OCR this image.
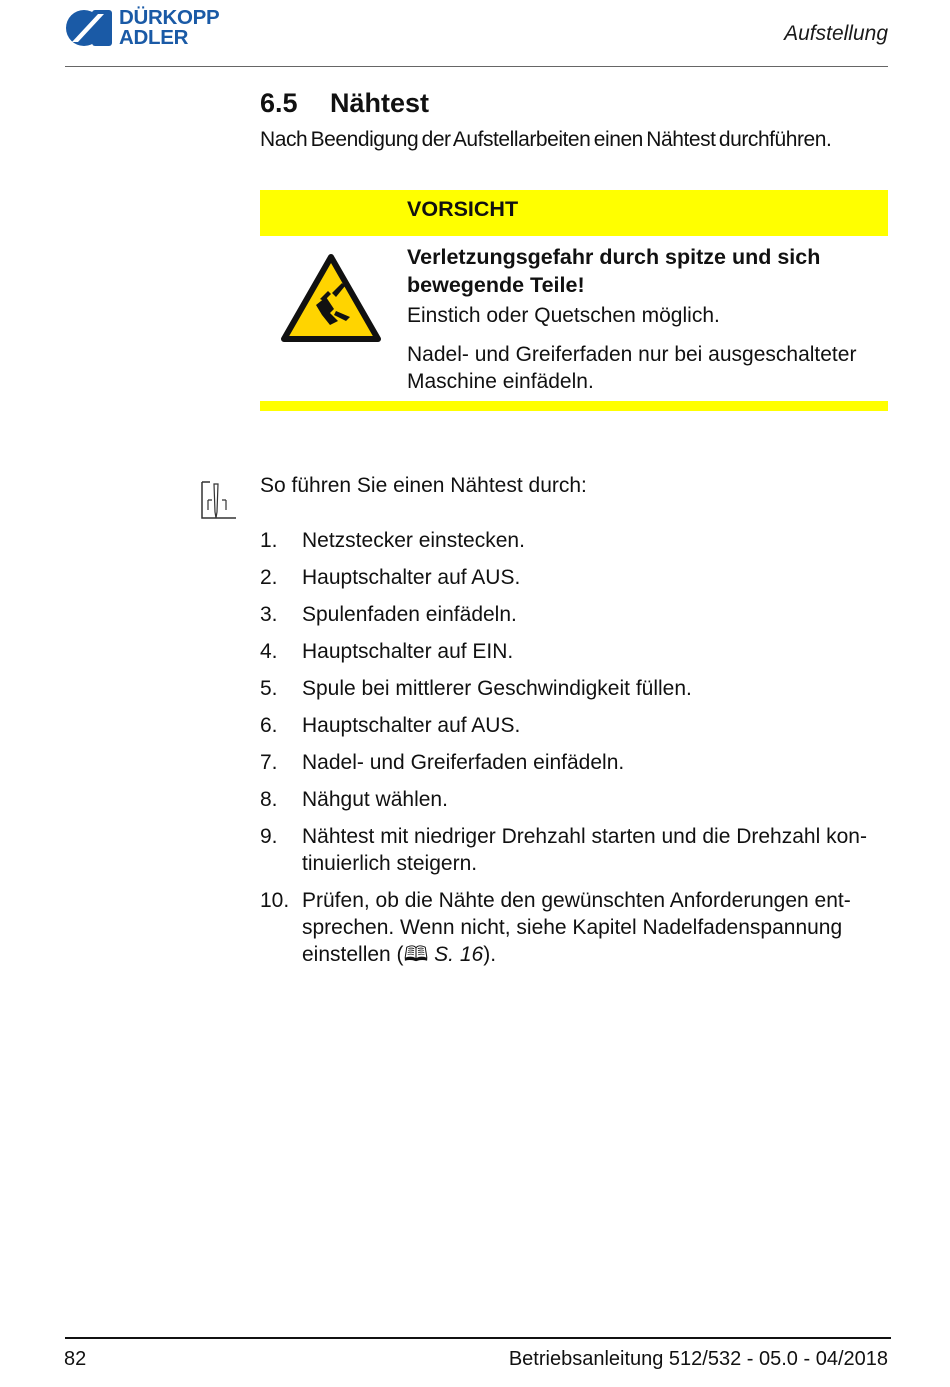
DÜRKOPP
ADLER	Aufstellung
6.5 Nähtest
Nach Beendigung der Aufstellarbeiten einen Nähtest durchführen.
VORSICHT
Verletzungsgefahr durch spitze und sich bewegende Teile!
Einstich oder Quetschen möglich.
Nadel- und Greiferfaden nur bei ausgeschalteter Maschine einfädeln.
So führen Sie einen Nähtest durch:
1. Netzstecker einstecken.
2. Hauptschalter auf AUS.
3. Spulenfaden einfädeln.
4. Hauptschalter auf EIN.
5. Spule bei mittlerer Geschwindigkeit füllen.
6. Hauptschalter auf AUS.
7. Nadel- und Greiferfaden einfädeln.
8. Nähgut wählen.
9. Nähtest mit niedriger Drehzahl starten und die Drehzahl kon-tinuierlich steigern.
10. Prüfen, ob die Nähte den gewünschten Anforderungen ent-sprechen. Wenn nicht, siehe Kapitel Nadelfadenspannung einstellen (🕮 S. 16).
82	Betriebsanleitung 512/532 - 05.0 - 04/2018
